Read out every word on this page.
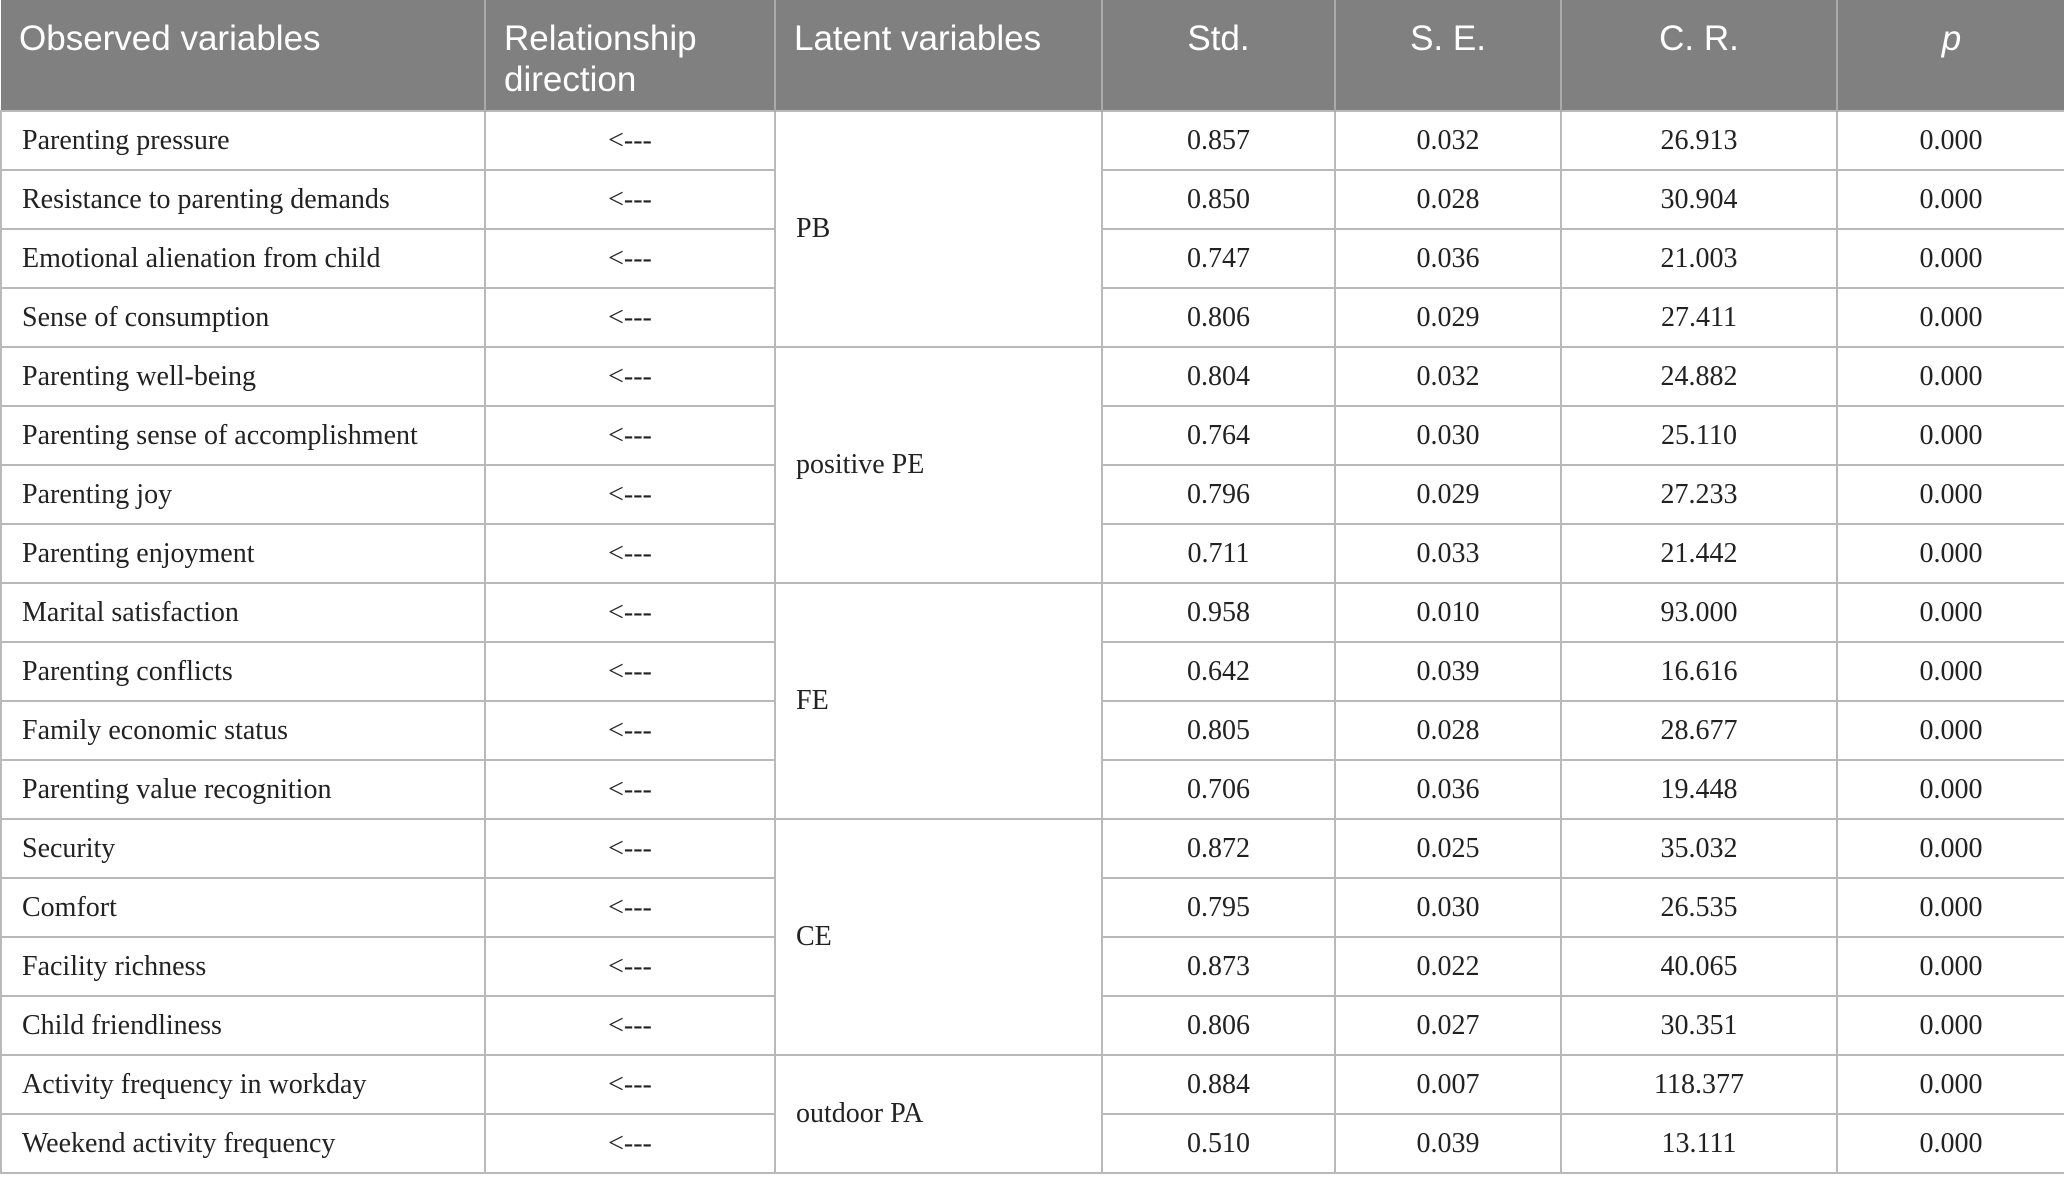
Observed variables	Relationship direction	Latent variables	Std.	S. E.	C. R.	p
Parenting pressure	<---	PB	0.857	0.032	26.913	0.000
Resistance to parenting demands	<---		0.850	0.028	30.904	0.000
Emotional alienation from child	<---		0.747	0.036	21.003	0.000
Sense of consumption	<---		0.806	0.029	27.411	0.000
Parenting well-being	<---	positive PE	0.804	0.032	24.882	0.000
Parenting sense of accomplishment	<---		0.764	0.030	25.110	0.000
Parenting joy	<---		0.796	0.029	27.233	0.000
Parenting enjoyment	<---		0.711	0.033	21.442	0.000
Marital satisfaction	<---	FE	0.958	0.010	93.000	0.000
Parenting conflicts	<---		0.642	0.039	16.616	0.000
Family economic status	<---		0.805	0.028	28.677	0.000
Parenting value recognition	<---		0.706	0.036	19.448	0.000
Security	<---	CE	0.872	0.025	35.032	0.000
Comfort	<---		0.795	0.030	26.535	0.000
Facility richness	<---		0.873	0.022	40.065	0.000
Child friendliness	<---		0.806	0.027	30.351	0.000
Activity frequency in workday	<---	outdoor PA	0.884	0.007	118.377	0.000
Weekend activity frequency	<---		0.510	0.039	13.111	0.000
